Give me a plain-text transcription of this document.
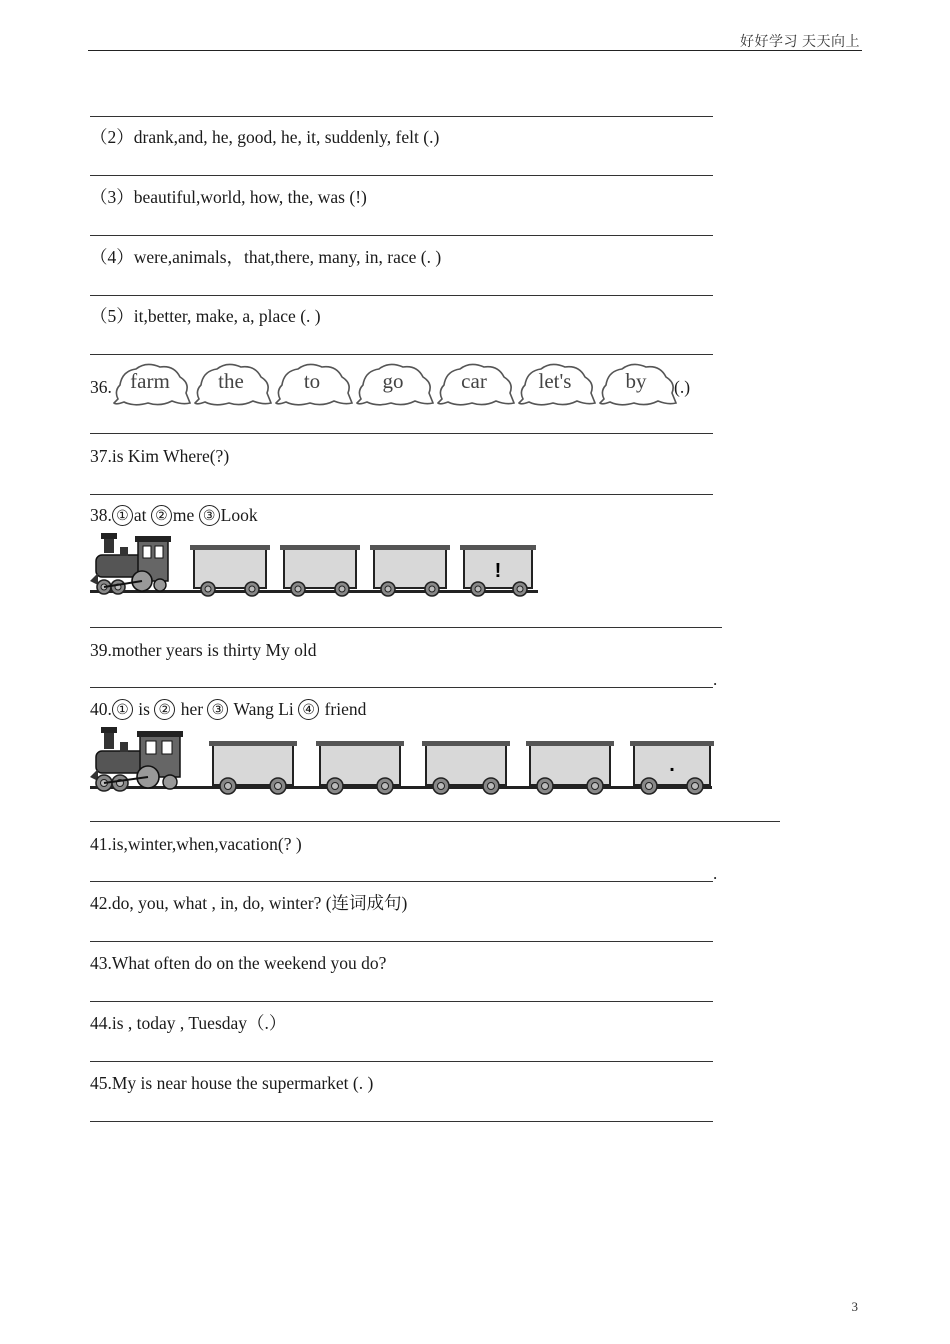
好好学习 天天向上
（2）drank,and, he, good, he, it, suddenly, felt (.)
（3）beautiful,world, how, the, was (!)
（4）were,animals，that,there, many, in, race (. )
（5）it,better, make, a, place (. )
36. farm	the	to	go	car	let's	by	(.)
37.is Kim Where(?)
38. ① at ② me ③ Look
!
39.mother years is thirty My old
.
40. ① is ② her ③ Wang Li ④ friend
.
41.is,winter,when,vacation(? )
.
42.do, you, what , in, do, winter? (连词成句)
43.What often do on the weekend you do?
44.is , today , Tuesday（.）
45.My is near house the supermarket (. )
3
